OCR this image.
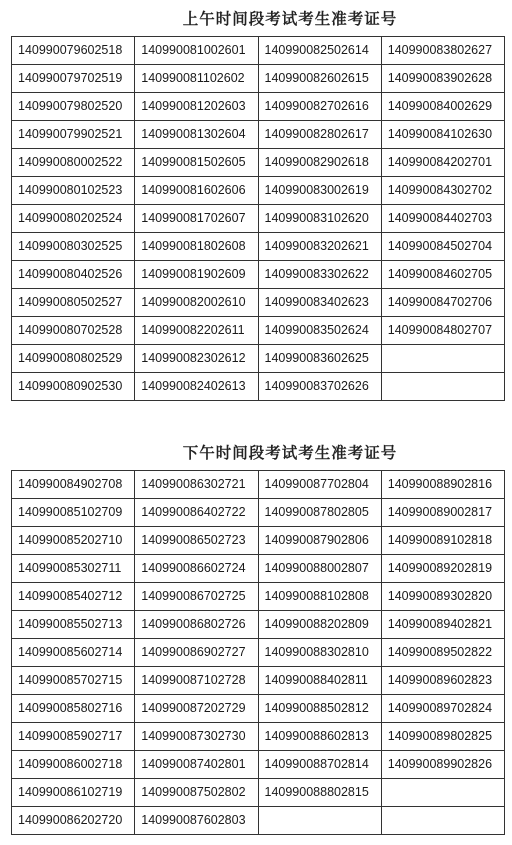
上午时间段考试考生准考证号
140990079602518	140990081002601	140990082502614	140990083802627
140990079702519	140990081102602	140990082602615	140990083902628
140990079802520	140990081202603	140990082702616	140990084002629
140990079902521	140990081302604	140990082802617	140990084102630
140990080002522	140990081502605	140990082902618	140990084202701
140990080102523	140990081602606	140990083002619	140990084302702
140990080202524	140990081702607	140990083102620	140990084402703
140990080302525	140990081802608	140990083202621	140990084502704
140990080402526	140990081902609	140990083302622	140990084602705
140990080502527	140990082002610	140990083402623	140990084702706
140990080702528	140990082202611	140990083502624	140990084802707
140990080802529	140990082302612	140990083602625	
140990080902530	140990082402613	140990083702626	
下午时间段考试考生准考证号
140990084902708	140990086302721	140990087702804	140990088902816
140990085102709	140990086402722	140990087802805	140990089002817
140990085202710	140990086502723	140990087902806	140990089102818
140990085302711	140990086602724	140990088002807	140990089202819
140990085402712	140990086702725	140990088102808	140990089302820
140990085502713	140990086802726	140990088202809	140990089402821
140990085602714	140990086902727	140990088302810	140990089502822
140990085702715	140990087102728	140990088402811	140990089602823
140990085802716	140990087202729	140990088502812	140990089702824
140990085902717	140990087302730	140990088602813	140990089802825
140990086002718	140990087402801	140990088702814	140990089902826
140990086102719	140990087502802	140990088802815	
140990086202720	140990087602803		
